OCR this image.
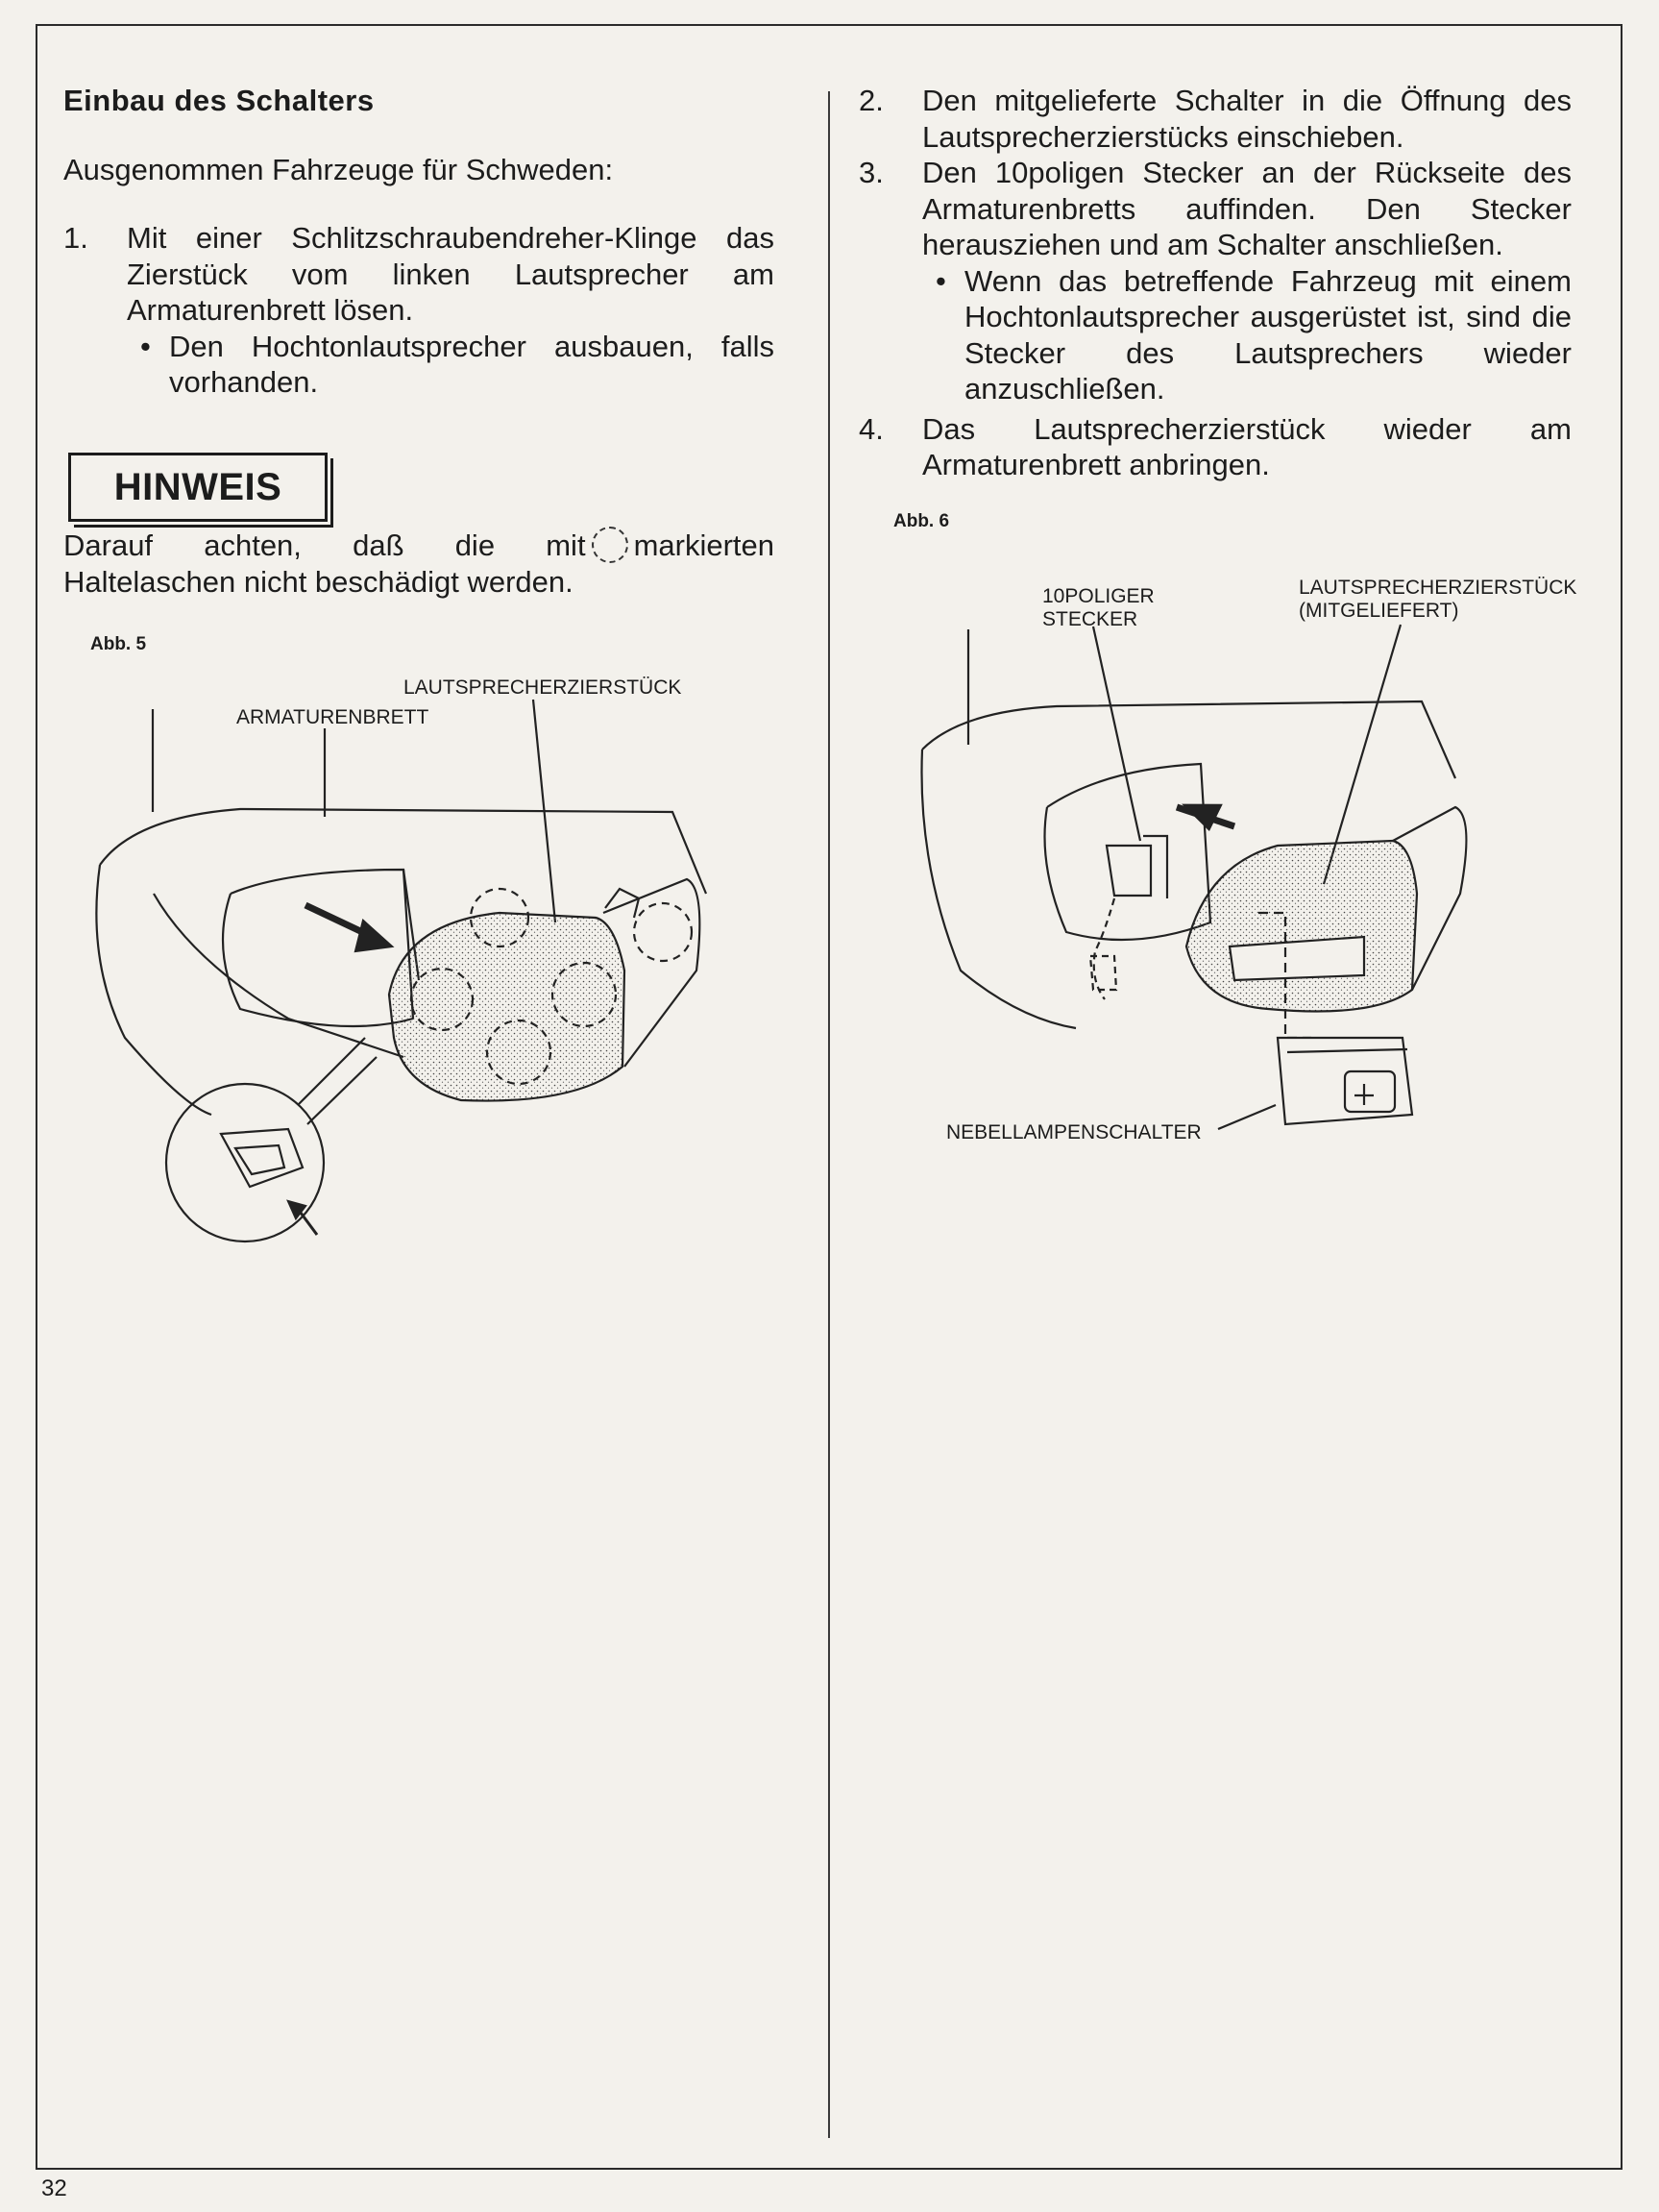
Einbau des Schalters
Ausgenommen Fahrzeuge für Schweden:
1. Mit einer Schlitzschraubendreher-Klinge das Zierstück vom linken Lautsprecher am Armaturenbrett lösen.
• Den Hochtonlautsprecher ausbauen, falls vorhanden.
HINWEIS
Darauf achten, daß die mit markierten Haltelaschen nicht beschädigt werden.
Abb. 5
LAUTSPRECHERZIERSTÜCK
ARMATURENBRETT
2. Den mitgelieferte Schalter in die Öffnung des Lautsprecherzierstücks einschieben.
3. Den 10poligen Stecker an der Rückseite des Armaturenbretts auffinden. Den Stecker herausziehen und am Schalter anschließen.
• Wenn das betreffende Fahrzeug mit einem Hochtonlautsprecher ausgerüstet ist, sind die Stecker des Lautsprechers wieder anzuschließen.
4. Das Lautsprecherzierstück wieder am Armaturenbrett anbringen.
Abb. 6
10POLIGER
STECKER
LAUTSPRECHERZIERSTÜCK
(MITGELIEFERT)
NEBELLAMPENSCHALTER
32
